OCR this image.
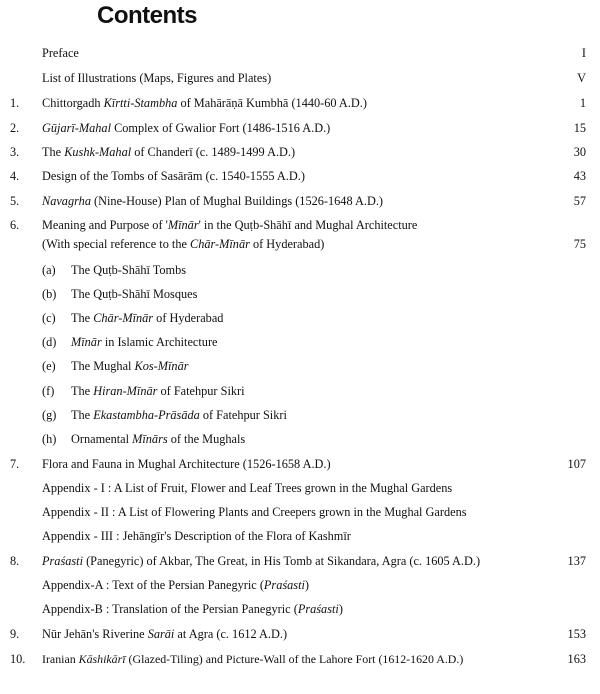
Contents
Preface	I
List of Illustrations (Maps, Figures and Plates)	V
1. Chittorgadh Kīrtti-Stambha of Mahārāṇā Kumbhā (1440-60 A.D.)	1
2. Gūjarī-Mahal Complex of Gwalior Fort (1486-1516 A.D.)	15
3. The Kushk-Mahal of Chanderī (c. 1489-1499 A.D.)	30
4. Design of the Tombs of Sasārām (c. 1540-1555 A.D.)	43
5. Navagrha (Nine-House) Plan of Mughal Buildings (1526-1648 A.D.)	57
6. Meaning and Purpose of 'Mīnār' in the Quṭb-Shāhī and Mughal Architecture
(With special reference to the Chār-Mīnār of Hyderabad)	75
(a) The Quṭb-Shāhī Tombs
(b) The Quṭb-Shāhī Mosques
(c) The Chār-Mīnār of Hyderabad
(d) Mīnār in Islamic Architecture
(e) The Mughal Kos-Mīnār
(f) The Hiran-Mīnār of Fatehpur Sikri
(g) The Ekastambha-Prāsāda of Fatehpur Sikri
(h) Ornamental Mīnārs of the Mughals
7. Flora and Fauna in Mughal Architecture (1526-1658 A.D.)	107
Appendix - I : A List of Fruit, Flower and Leaf Trees grown in the Mughal Gardens
Appendix - II : A List of Flowering Plants and Creepers grown in the Mughal Gardens
Appendix - III : Jehāngīr's Description of the Flora of Kashmīr
8. Praśasti (Panegyric) of Akbar, The Great, in His Tomb at Sikandara, Agra (c. 1605 A.D.)	137
Appendix-A : Text of the Persian Panegyric (Praśasti)
Appendix-B : Translation of the Persian Panegyric (Praśasti)
9. Nūr Jehān's Riverine Sarāi at Agra (c. 1612 A.D.)	153
10. Iranian Kāshikārī (Glazed-Tiling) and Picture-Wall of the Lahore Fort (1612-1620 A.D.)	163
